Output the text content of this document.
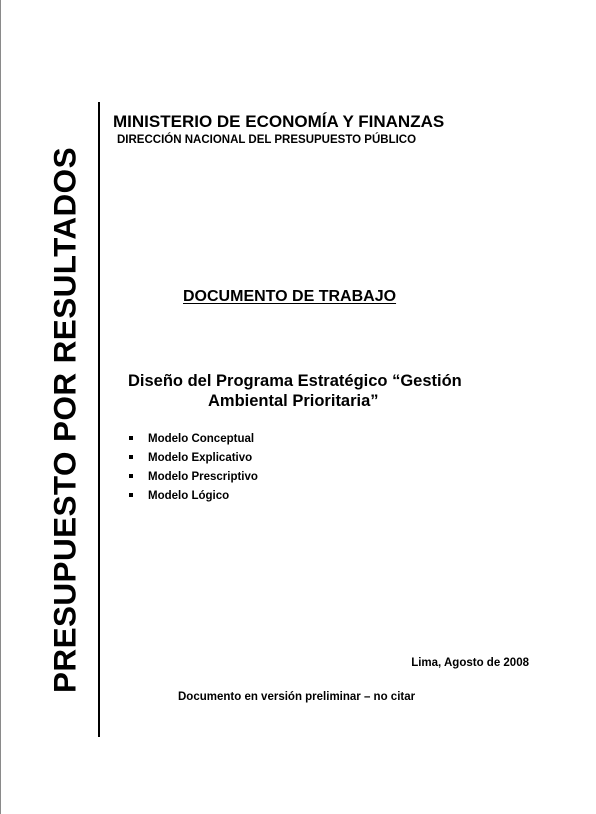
PRESUPUESTO POR RESULTADOS
MINISTERIO DE ECONOMÍA Y FINANZAS
DIRECCIÓN NACIONAL DEL PRESUPUESTO PÚBLICO
DOCUMENTO DE TRABAJO
Diseño del Programa Estratégico “Gestión
Ambiental Prioritaria”
Modelo Conceptual
Modelo Explicativo
Modelo Prescriptivo
Modelo Lógico
Lima, Agosto de 2008
Documento en versión preliminar – no citar
